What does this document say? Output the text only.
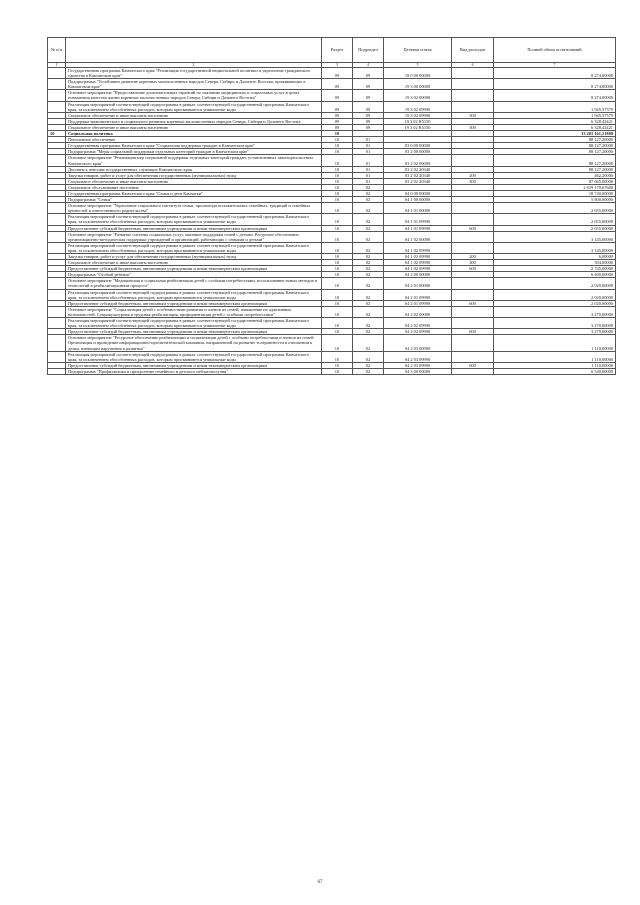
№ п/п		Раздел	Подраздел	Целевая статья	Вид расходов	Полный объем ассигнований
1	2	3	4	5	6	7
	Государственная программа Камчатского края "Реализация государственной национальной политики и укрепление гражданского единства в Камчатском крае"	09	09	19 0 00 00000		8 274,00000
	Подпрограмма "Устойчивое развитие коренных малочисленных народов Севера, Сибири и Дальнего Востока, проживающих в Камчатском крае"	09	09	19 3 00 00000		8 274,00000
	Основное мероприятие "Предоставление дополнительных гарантий по оказанию медицинских и социальных услуг в целях повышения качества жизни коренных малочисленных народов Севера, Сибири и Дальнего Востока"	09	09	19 3 02 00000		8 274,00000
	Реализация мероприятий соответствующей подпрограммы в рамках соответствующей государственной программы Камчатского края, за исключением обособленных расходов, которым присваиваются уникальные коды	09	09	19 3 02 09990		1 945,57579
	Социальное обеспечение и иные выплаты населению	09	09	19 3 02 09990	300	1 945,57579
	Поддержка экономического и социального развития коренных малочисленных народов Севера, Сибири и Дальнего Востока	09	09	19 3 02 R5150		6 328,42421
	Социальное обеспечение и иные выплаты населению	09	09	19 3 02 R5150	300	6 328,42421
10	Социальная политика	10				13 201 161,21800
	Пенсионное обеспечение	10	01			88 127,20000
	Государственная программа Камчатского края "Социальная поддержка граждан в Камчатском крае"	10	01	03 0 00 00000		88 127,20000
	Подпрограмма "Меры социальной поддержки отдельных категорий граждан в Камчатском крае"	10	01	03 2 00 00000		88 127,20000
	Основное мероприятие "Реализация мер социальной поддержки отдельных категорий граждан, установленных законодательством Камчатского края"	10	01	03 2 02 00000		88 127,20000
	Доплаты к пенсиям государственных служащих Камчатского края	10	01	03 2 02 20340		88 127,20000
	Закупка товаров, работ и услуг для обеспечения государственных (муниципальных) нужд	10	01	03 2 02 20340	200	462,20000
	Социальное обеспечение и иные выплаты населению	10	01	03 2 02 20340	300	87 665,00000
	Социальное обслуживание населения	10	02			2 019 170,67600
	Государственная программа Камчатского края "Семья и дети Камчатки"	10	02	04 0 00 00000		18 740,00000
	Подпрограмма "Семья"	10	02	04 1 00 00000		5 800,00000
	Основное мероприятие "Укрепление социального института семьи, пропаганда положительных семейных, традиций и семейных ценностей и ответственного родительства"	10	02	04 1 01 00000		2 655,00000
	Реализация мероприятий соответствующей подпрограммы в рамках соответствующей государственной программы Камчатского края, за исключением обособленных расходов, которым присваиваются уникальные коды	10	02	04 1 01 09990		2 655,00000
	Предоставление субсидий бюджетным, автономным учреждениям и иным некоммерческим организациям	10	02	04 1 01 09990	600	2 655,00000
	Основное мероприятие "Развитие системы социальных услуг, оказание поддержки семей с детьми. Ресурсное обеспечение, организационно-методическая поддержка учреждений и организаций, работающих с семьями и детьми"	10	02	04 1 02 00000		3 145,00000
	Реализация мероприятий соответствующей подпрограммы в рамках соответствующей государственной программы Камчатского края, за исключением обособленных расходов, которым присваиваются уникальные коды	10	02	04 1 02 09990		3 145,00000
	Закупка товаров, работ и услуг для обеспечения государственных (муниципальных) нужд	10	02	04 1 02 09990	200	6,00000
	Социальное обеспечение и иные выплаты населению	10	02	04 1 02 09990	300	394,00000
	Предоставление субсидий бюджетным, автономным учреждениям и иным некоммерческим организациям	10	02	04 1 02 09990	600	2 745,00000
	Подпрограмма "Особый ребенок"	10	02	04 2 00 00000		6 400,00000
	Основное мероприятие "Медицинская и социальная реабилитация детей с особыми потребностями, использование новых методов и технологий в реабилитационном процессе"	10	02	04 2 01 00000		2 020,00000
	Реализация мероприятий соответствующей подпрограммы в рамках соответствующей государственной программы Камчатского края, за исключением обособленных расходов, которым присваиваются уникальные коды	10	02	04 2 01 09990		2 020,00000
	Предоставление субсидий бюджетным, автономным учреждениям и иным некоммерческим организациям	10	02	04 2 01 09990	600	2 020,00000
	Основное мероприятие "Социализация детей с особенностями развития и членов их семей, повышение их адаптивных возможностей. Социокультурная и трудовая реабилитация, профориентация детей с особыми потребностями"	10	02	04 2 02 00000		3 270,00000
	Реализация мероприятий соответствующей подпрограммы в рамках соответствующей государственной программы Камчатского края, за исключением обособленных расходов, которым присваиваются уникальные коды	10	02	04 2 02 09990		3 270,00000
	Предоставление субсидий бюджетным, автономным учреждениям и иным некоммерческим организациям	10	02	04 2 02 09990	600	3 270,00000
	Основное мероприятие "Ресурсное обеспечение реабилитации и социализации детей с особыми потребностями и членов их семей. Организация и проведение информационно-просветительской кампании, направленной на развитие толерантности в отношении к детям, имеющим нарушения в развитии"	10	02	04 2 03 00000		1 110,00000
	Реализация мероприятий соответствующей подпрограммы в рамках соответствующей государственной программы Камчатского края, за исключением обособленных расходов, которым присваиваются уникальные коды	10	02	04 2 03 09990		1 110,00000
	Предоставление субсидий бюджетным, автономным учреждениям и иным некоммерческим организациям	10	02	04 2 03 09990	600	1 110,00000
	Подпрограмма "Профилактика и преодоление семейного и детского неблагополучия"	10	02	04 3 00 00000		6 540,00000
67
